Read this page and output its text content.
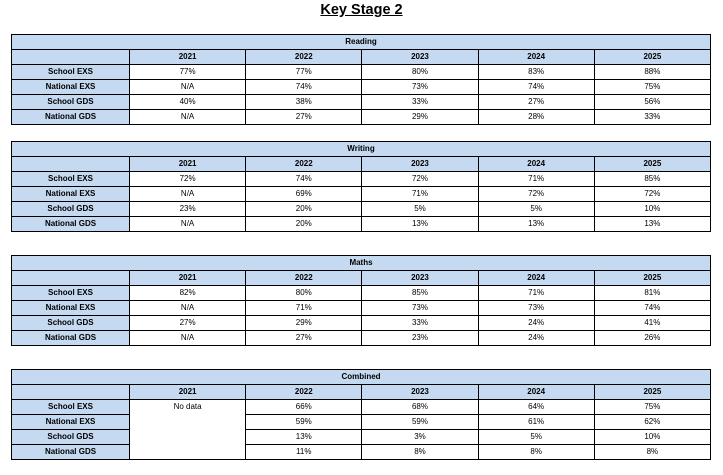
Key Stage 2
Reading					
	2021	2022	2023	2024	2025
School EXS	77%	77%	80%	83%	88%
National EXS	N/A	74%	73%	74%	75%
School GDS	40%	38%	33%	27%	56%
National GDS	N/A	27%	29%	28%	33%
Writing					
	2021	2022	2023	2024	2025
School EXS	72%	74%	72%	71%	85%
National EXS	N/A	69%	71%	72%	72%
School GDS	23%	20%	5%	5%	10%
National GDS	N/A	20%	13%	13%	13%
Maths					
	2021	2022	2023	2024	2025
School EXS	82%	80%	85%	71%	81%
National EXS	N/A	71%	73%	73%	74%
School GDS	27%	29%	33%	24%	41%
National GDS	N/A	27%	23%	24%	26%
Combined					
	2021	2022	2023	2024	2025
School EXS	No data	66%	68%	64%	75%
National EXS		59%	59%	61%	62%
School GDS		13%	3%	5%	10%
National GDS		11%	8%	8%	8%
